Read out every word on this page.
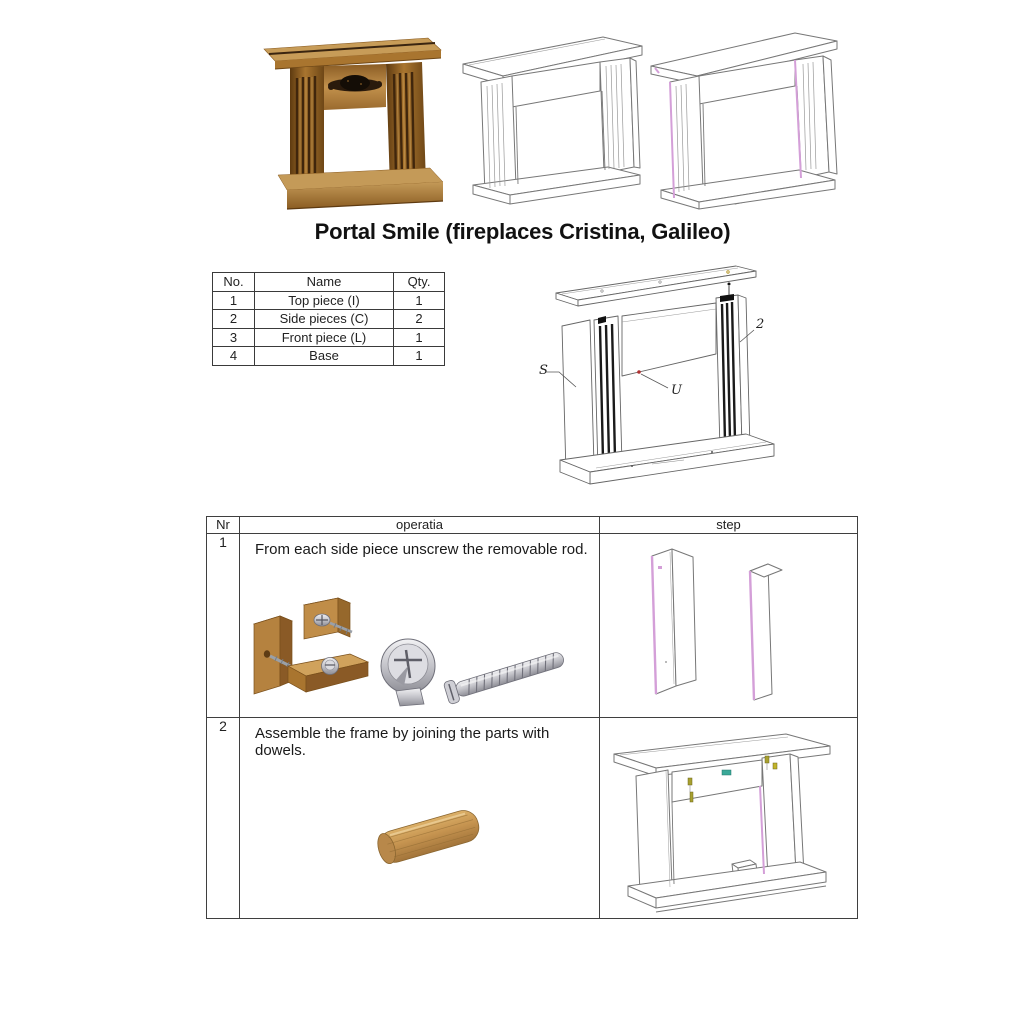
Portal Smile (fireplaces Cristina, Galileo)
No.	Name	Qty.
1	Top piece (I)	1
2	Side pieces (C)	2
3	Front piece (L)	1
4	Base	1
S
2
U
Nr	operatia	step
1	From each side piece unscrew the removable rod.

2	Assemble the frame by joining the parts with dowels.
